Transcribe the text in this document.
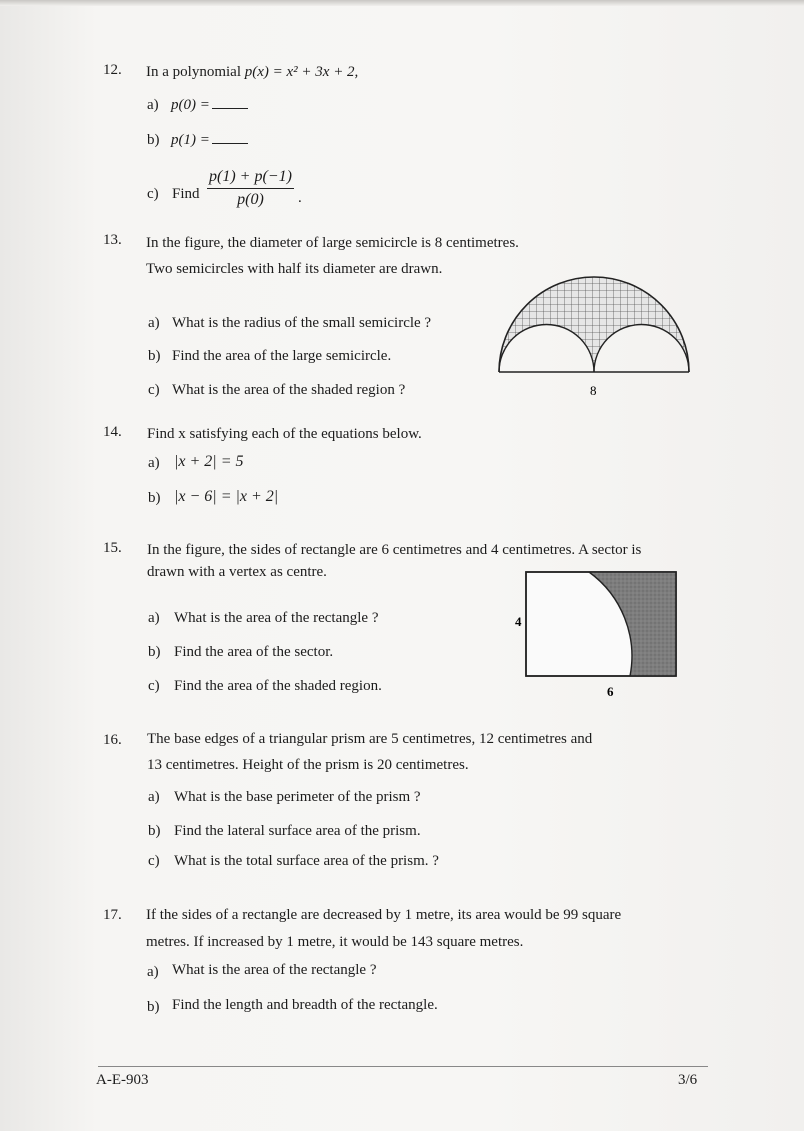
12. In a polynomial p(x) = x² + 3x + 2,
a) p(0) =
b) p(1) =
c) Find $\frac{p(1) + p(-1)}{p(0)}$ .
13. In the figure, the diameter of large semicircle is 8 centimetres.
Two semicircles with half its diameter are drawn.
a) What is the radius of the small semicircle ?
b) Find the area of the large semicircle.
c) What is the area of the shaded region ?	8
14. Find x satisfying each of the equations below.
a) |x + 2| = 5
b) |x − 6| = |x + 2|
15. In the figure, the sides of rectangle are 6 centimetres and 4 centimetres. A sector is
drawn with a vertex as centre.
a) What is the area of the rectangle ?
b) Find the area of the sector.
c) Find the area of the shaded region.
4
6
16. The base edges of a triangular prism are 5 centimetres, 12 centimetres and
13 centimetres. Height of the prism is 20 centimetres.
a) What is the base perimeter of the prism ?
b) Find the lateral surface area of the prism.
c) What is the total surface area of the prism. ?
17. If the sides of a rectangle are decreased by 1 metre, its area would be 99 square
metres. If increased by 1 metre, it would be 143 square metres.
a) What is the area of the rectangle ?
b) Find the length and breadth of the rectangle.
A-E-903	3/6
